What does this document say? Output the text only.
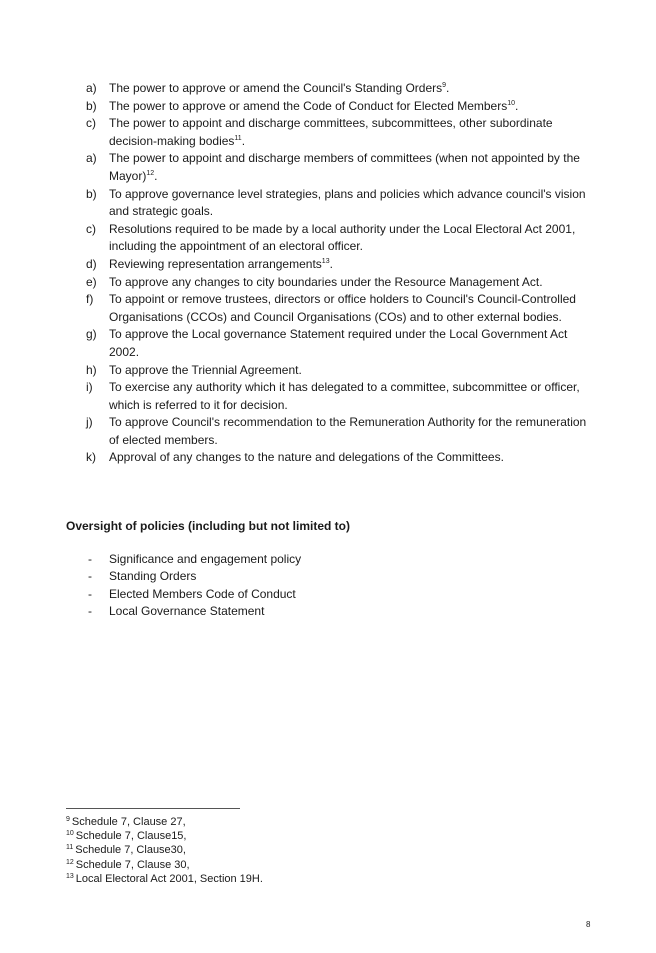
a) The power to approve or amend the Council's Standing Orders$^9$.
b) The power to approve or amend the Code of Conduct for Elected Members$^{10}$.
c) The power to appoint and discharge committees, subcommittees, other subordinate decision-making bodies$^{11}$.
a) The power to appoint and discharge members of committees (when not appointed by the Mayor)$^{12}$.
b) To approve governance level strategies, plans and policies which advance council's vision and strategic goals.
c) Resolutions required to be made by a local authority under the Local Electoral Act 2001, including the appointment of an electoral officer.
d) Reviewing representation arrangements$^{13}$.
e) To approve any changes to city boundaries under the Resource Management Act.
f) To appoint or remove trustees, directors or office holders to Council's Council-Controlled Organisations (CCOs) and Council Organisations (COs) and to other external bodies.
g) To approve the Local governance Statement required under the Local Government Act 2002.
h) To approve the Triennial Agreement.
i) To exercise any authority which it has delegated to a committee, subcommittee or officer, which is referred to it for decision.
j) To approve Council's recommendation to the Remuneration Authority for the remuneration of elected members.
k) Approval of any changes to the nature and delegations of the Committees.
Oversight of policies (including but not limited to)
- Significance and engagement policy
- Standing Orders
- Elected Members Code of Conduct
- Local Governance Statement
$^9$ Schedule 7, Clause 27,
$^{10}$ Schedule 7, Clause15,
$^{11}$ Schedule 7, Clause30,
$^{12}$ Schedule 7, Clause 30,
$^{13}$ Local Electoral Act 2001, Section 19H.
8
